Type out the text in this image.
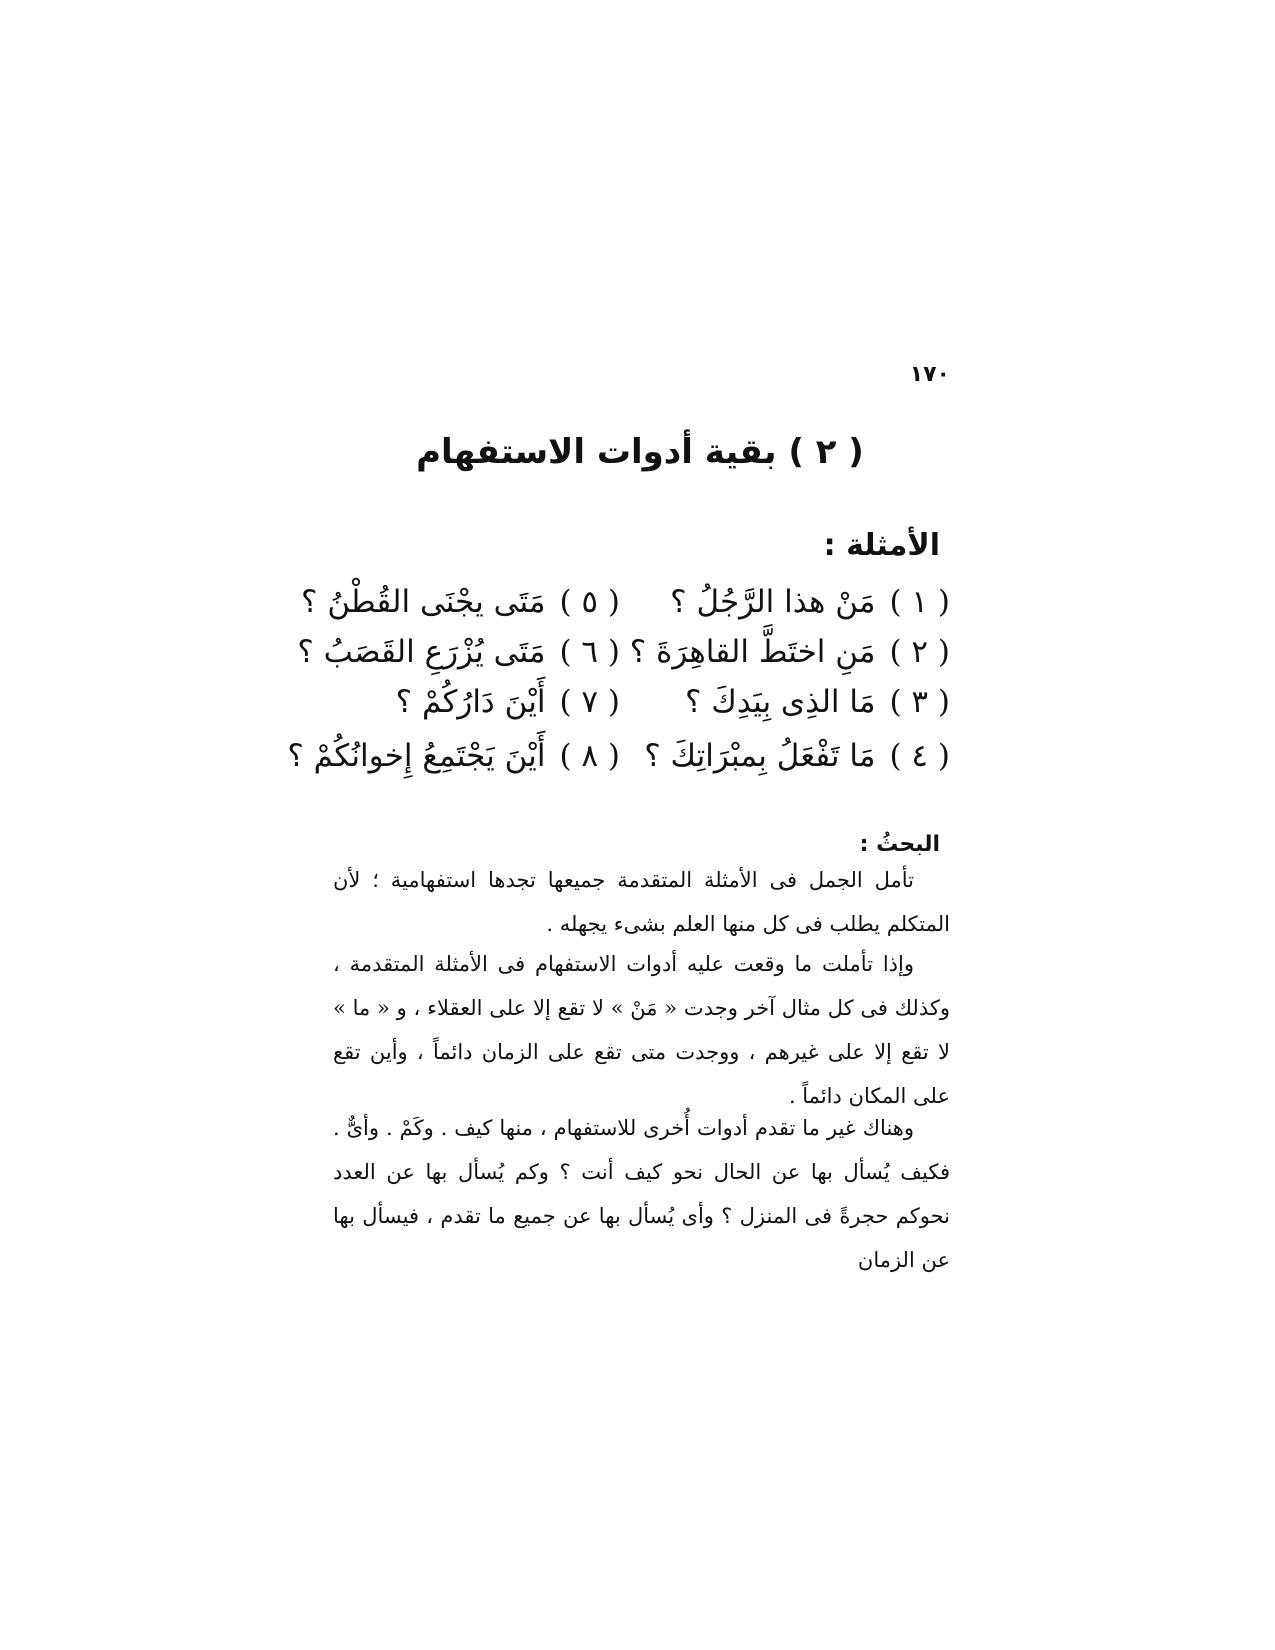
١٧٠
( ٢ ) بقية أدوات الاستفهام
الأمثلة :
( ١ )مَنْ هذا الرَّجُلُ ؟
( ٢ )مَنِ اختَطَّ القاهِرَةَ ؟
( ٣ )مَا الذِى بِيَدِكَ ؟
( ٤ )مَا تَفْعَلُ بِمبْرَاتِكَ ؟
( ٥ )مَتَى يجْنَى القُطْنُ ؟
( ٦ )مَتَى يُزْرَعِ القَصَبُ ؟
( ٧ )أَيْنَ دَارُكُمْ ؟
( ٨ )أَيْنَ يَجْتَمِعُ إِخوانُكُمْ ؟
البحثُ :

تأمل الجمل فى الأمثلة المتقدمة جميعها تجدها استفهامية ؛ لأن المتكلم يطلب فى كل منها العلم بشىء يجهله .

وإذا تأملت ما وقعت عليه أدوات الاستفهام فى الأمثلة المتقدمة ، وكذلك فى كل مثال آخر وجدت « مَنْ » لا تقع إلا على العقلاء ، و « ما » لا تقع إلا على غيرهم ، ووجدت متى تقع على الزمان دائماً ، وأين تقع على المكان دائماً .

وهناك غير ما تقدم أدوات أُخرى للاستفهام ، منها كيف . وكَمْ . وأىٌّ . فكيف يُسأل بها عن الحال نحو كيف أنت ؟ وكم يُسأل بها عن العدد نحوكم حجرةً فى المنزل ؟ وأى يُسأل بها عن جميع ما تقدم ، فيسأل بها عن الزمان
